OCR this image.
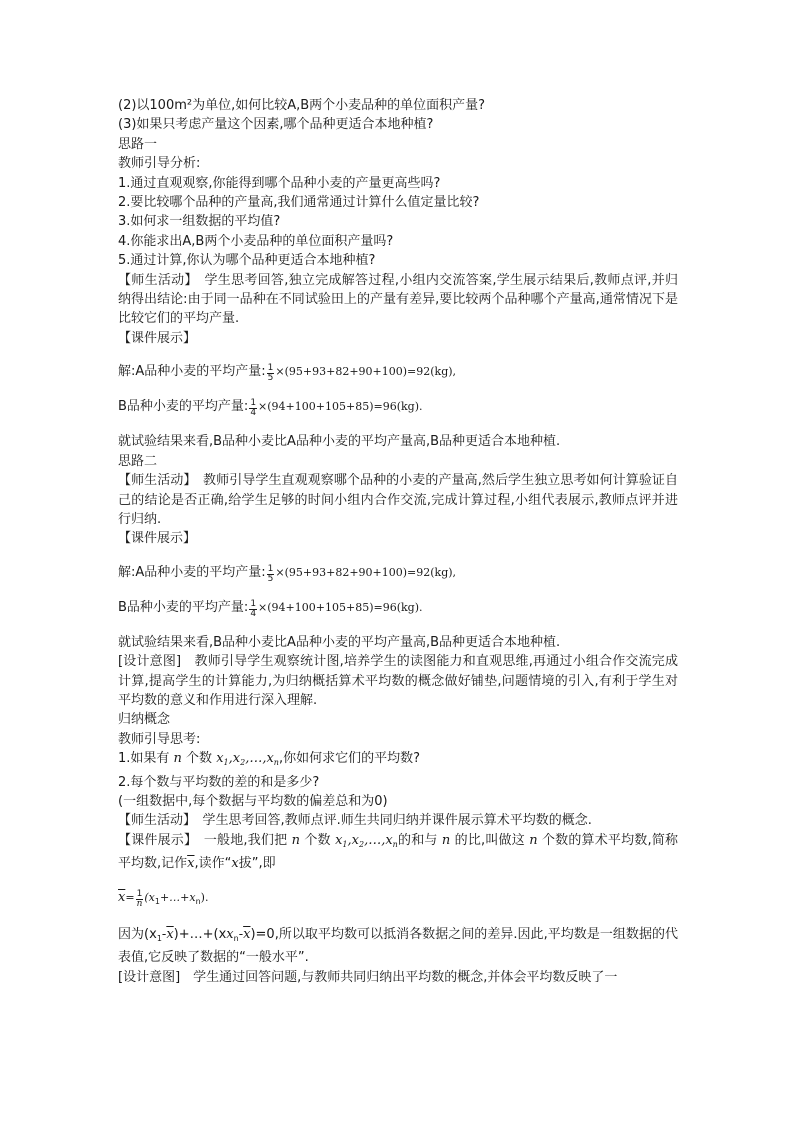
(2)以100m²为单位,如何比较A,B两个小麦品种的单位面积产量?
(3)如果只考虑产量这个因素,哪个品种更适合本地种植?
思路一
教师引导分析:
1.通过直观观察,你能得到哪个品种小麦的产量更高些吗?
2.要比较哪个品种的产量高,我们通常通过计算什么值定量比较?
3.如何求一组数据的平均值?
4.你能求出A,B两个小麦品种的单位面积产量吗?
5.通过计算,你认为哪个品种更适合本地种植?
【师生活动】　学生思考回答,独立完成解答过程,小组内交流答案,学生展示结果后,教师点评,并归纳得出结论:由于同一品种在不同试验田上的产量有差异,要比较两个品种哪个产量高,通常情况下是比较它们的平均产量.
【课件展示】
解:A品种小麦的平均产量: $\frac{1}{5} \times(95+93+82+90+100)=92(kg)$,
B品种小麦的平均产量: $\frac{1}{4} \times(94+100+105+85)=96(kg)$.
就试验结果来看,B品种小麦比A品种小麦的平均产量高,B品种更适合本地种植.
思路二
【师生活动】　教师引导学生直观观察哪个品种的小麦的产量高,然后学生独立思考如何计算验证自己的结论是否正确,给学生足够的时间小组内合作交流,完成计算过程,小组代表展示,教师点评并进行归纳.
【课件展示】
解:A品种小麦的平均产量: $\frac{1}{5} \times(95+93+82+90+100)=92(kg)$,
B品种小麦的平均产量: $\frac{1}{4} \times(94+100+105+85)=96(kg)$.
就试验结果来看,B品种小麦比A品种小麦的平均产量高,B品种更适合本地种植.
[设计意图]　教师引导学生观察统计图,培养学生的读图能力和直观思维,再通过小组合作交流完成计算,提高学生的计算能力,为归纳概括算术平均数的概念做好铺垫,问题情境的引入,有利于学生对平均数的意义和作用进行深入理解.
归纳概念
教师引导思考:
1.如果有 n 个数 $x_1,x_2,\dots,x_n$,你如何求它们的平均数?
2.每个数与平均数的差的和是多少?
(一组数据中,每个数据与平均数的偏差总和为0)
【师生活动】　学生思考回答,教师点评.师生共同归纳并课件展示算术平均数的概念.
【课件展示】　一般地,我们把 n 个数 $x_1,x_2,\dots,x_n$的和与 n 的比,叫做这 n 个数的算术平均数,简称平均数,记作$\overline{x}$,读作“x拔”,即
$\overline{x}= \frac{1}{n}$ $(x_1+\dots+x_n)$.
因为$(x_1-\overline{x})+\dots+(xx_n-\overline{x})=0$,所以取平均数可以抵消各数据之间的差异.因此,平均数是一组数据的代表值,它反映了数据的“一般水平”.
[设计意图]　学生通过回答问题,与教师共同归纳出平均数的概念,并体会平均数反映了一
